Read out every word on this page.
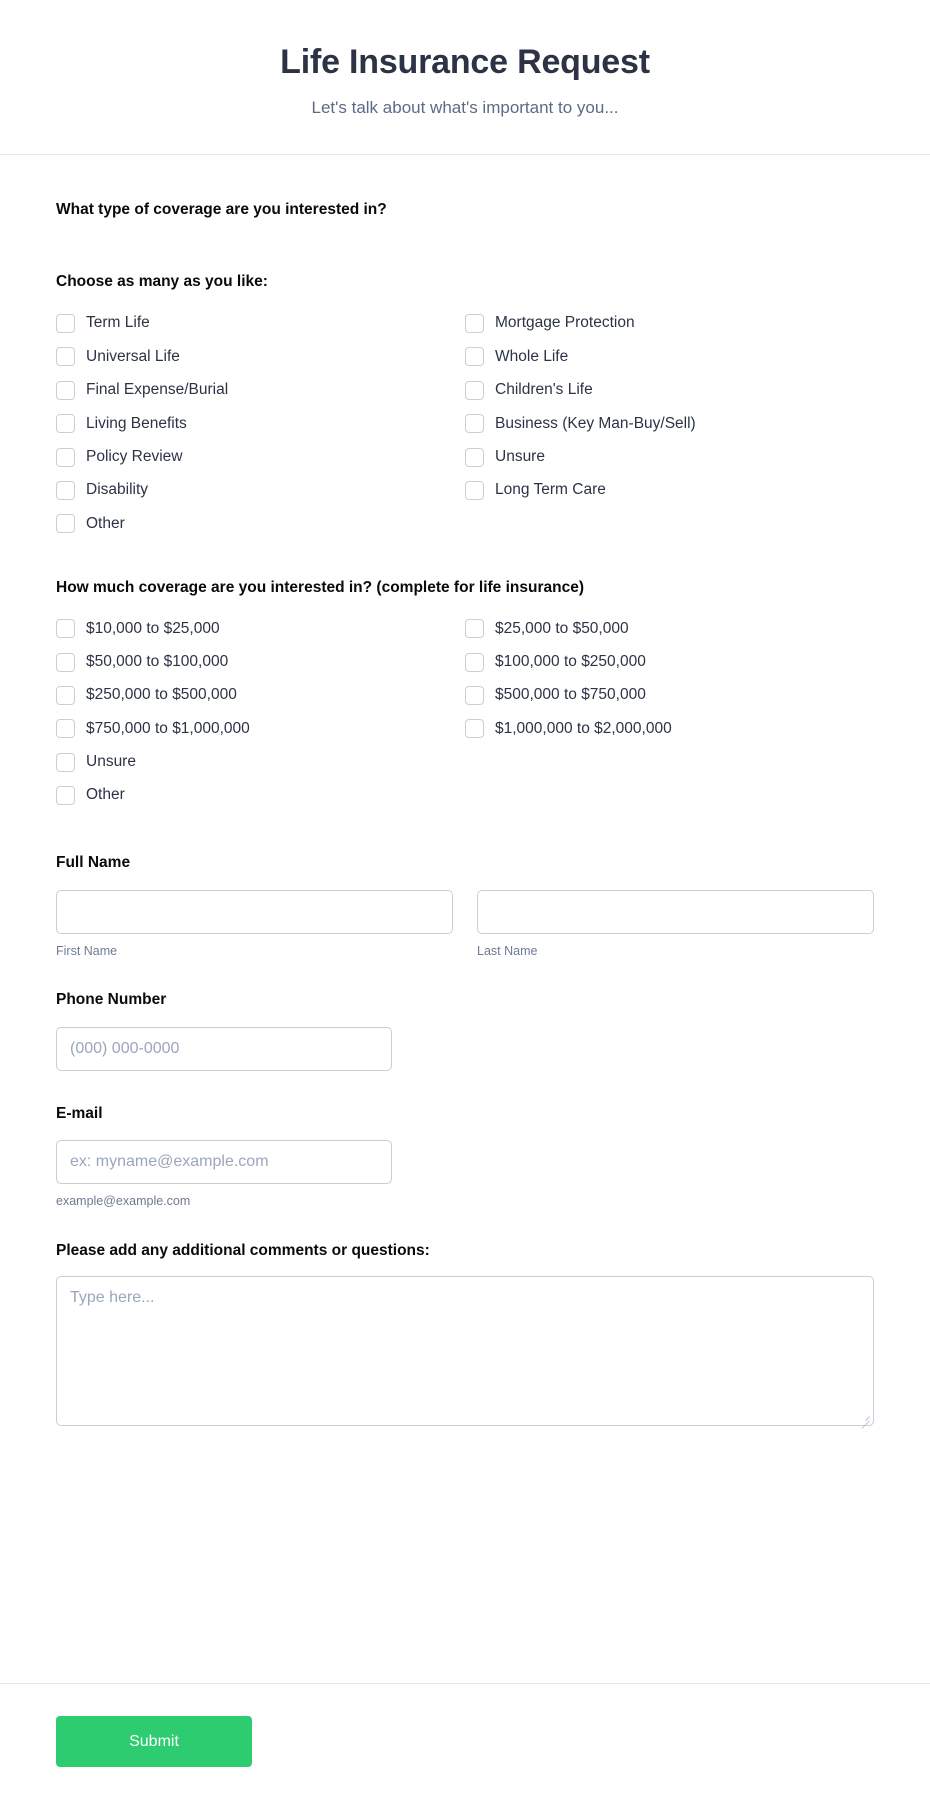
Life Insurance Request
Let's talk about what's important to you...
What type of coverage are you interested in?
Choose as many as you like:
Term Life
Universal Life
Final Expense/Burial
Living Benefits
Policy Review
Disability
Other
Mortgage Protection
Whole Life
Children's Life
Business (Key Man-Buy/Sell)
Unsure
Long Term Care
How much coverage are you interested in? (complete for life insurance)
$10,000 to $25,000
$50,000 to $100,000
$250,000 to $500,000
$750,000 to $1,000,000
Unsure
Other
$25,000 to $50,000
$100,000 to $250,000
$500,000 to $750,000
$1,000,000 to $2,000,000
Full Name
First Name	Last Name
Phone Number
(000) 000-0000
E-mail
ex: myname@example.com
example@example.com
Please add any additional comments or questions:
Type here...
Submit
